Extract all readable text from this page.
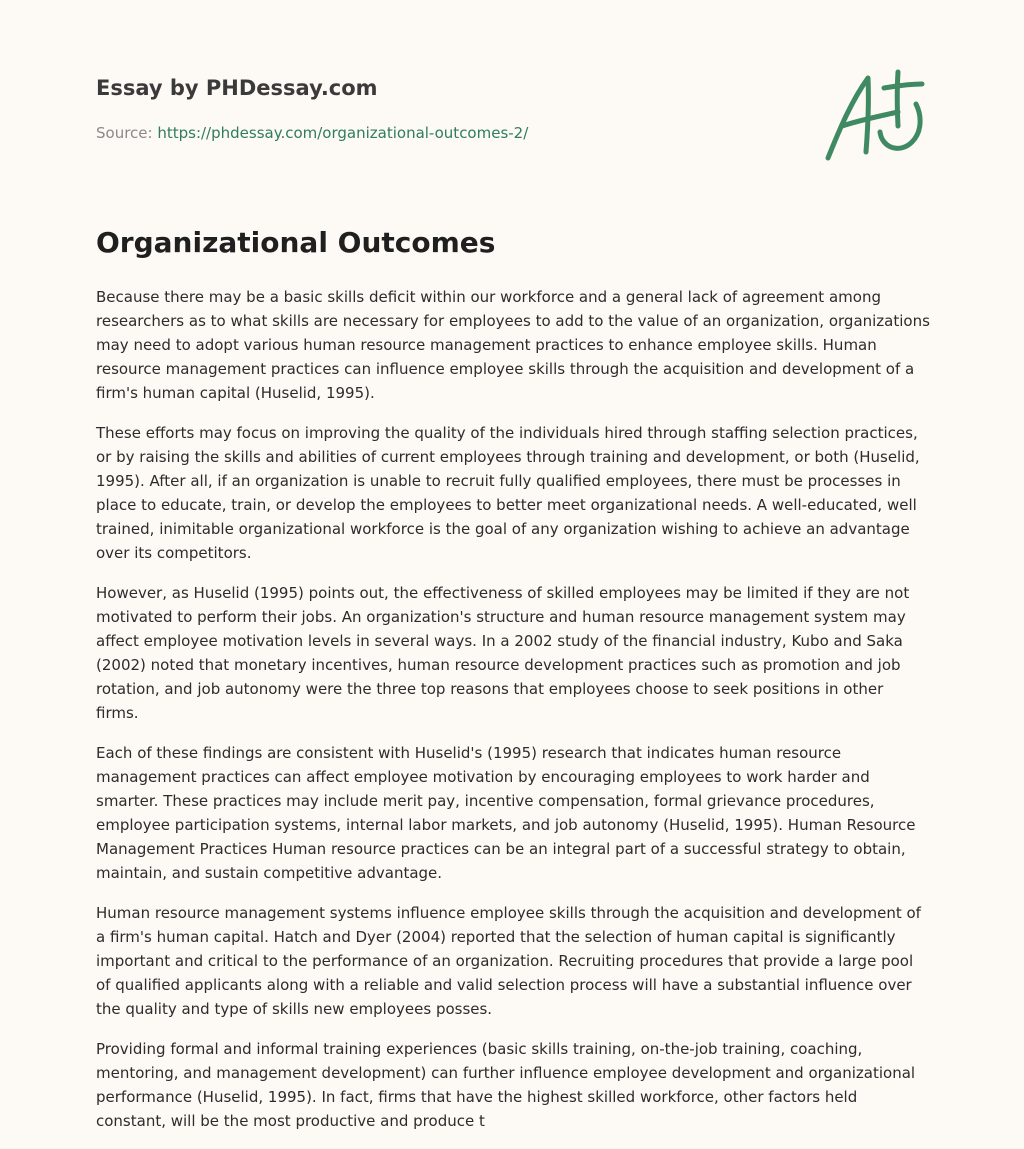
Essay by PHDessay.com

Source: https://phdessay.com/organizational-outcomes-2/

Organizational Outcomes

Because there may be a basic skills deficit within our workforce and a general lack of agreement among researchers as to what skills are necessary for employees to add to the value of an organization, organizations may need to adopt various human resource management practices to enhance employee skills. Human resource management practices can influence employee skills through the acquisition and development of a firm's human capital (Huselid, 1995).

These efforts may focus on improving the quality of the individuals hired through staffing selection practices, or by raising the skills and abilities of current employees through training and development, or both (Huselid, 1995). After all, if an organization is unable to recruit fully qualified employees, there must be processes in place to educate, train, or develop the employees to better meet organizational needs. A well-educated, well trained, inimitable organizational workforce is the goal of any organization wishing to achieve an advantage over its competitors.

However, as Huselid (1995) points out, the effectiveness of skilled employees may be limited if they are not motivated to perform their jobs. An organization's structure and human resource management system may affect employee motivation levels in several ways. In a 2002 study of the financial industry, Kubo and Saka (2002) noted that monetary incentives, human resource development practices such as promotion and job rotation, and job autonomy were the three top reasons that employees choose to seek positions in other firms.

Each of these findings are consistent with Huselid's (1995) research that indicates human resource management practices can affect employee motivation by encouraging employees to work harder and smarter. These practices may include merit pay, incentive compensation, formal grievance procedures, employee participation systems, internal labor markets, and job autonomy (Huselid, 1995). Human Resource Management Practices Human resource practices can be an integral part of a successful strategy to obtain, maintain, and sustain competitive advantage.

Human resource management systems influence employee skills through the acquisition and development of a firm's human capital. Hatch and Dyer (2004) reported that the selection of human capital is significantly important and critical to the performance of an organization. Recruiting procedures that provide a large pool of qualified applicants along with a reliable and valid selection process will have a substantial influence over the quality and type of skills new employees posses.

Providing formal and informal training experiences (basic skills training, on-the-job training, coaching, mentoring, and management development) can further influence employee development and organizational performance (Huselid, 1995). In fact, firms that have the highest skilled workforce, other factors held constant, will be the most productive and produce t
